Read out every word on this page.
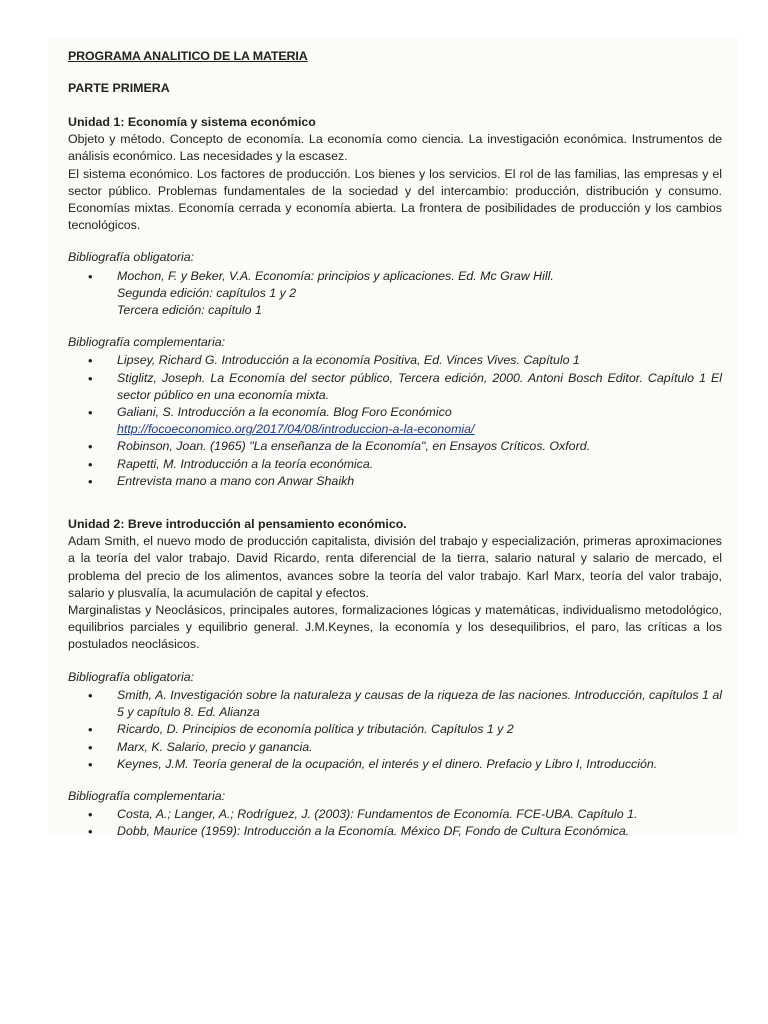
PROGRAMA ANALITICO DE LA MATERIA

PARTE PRIMERA

Unidad 1: Economía y sistema económico

Objeto y método. Concepto de economía. La economía como ciencia. La investigación económica. Instrumentos de análisis económico. Las necesidades y la escasez.

El sistema económico. Los factores de producción. Los bienes y los servicios. El rol de las familias, las empresas y el sector público. Problemas fundamentales de la sociedad y del intercambio: producción, distribución y consumo. Economías mixtas. Economía cerrada y economía abierta. La frontera de posibilidades de producción y los cambios tecnológicos.

Bibliografía obligatoria:

• Mochon, F. y Beker, V.A. Economía: principios y aplicaciones. Ed. Mc Graw Hill.
Segunda edición: capítulos 1 y 2
Tercera edición: capítulo 1

Bibliografía complementaria:

• Lipsey, Richard G. Introducción a la economía Positiva, Ed. Vinces Vives. Capítulo 1
• Stiglitz, Joseph. La Economía del sector público, Tercera edición, 2000. Antoni Bosch Editor. Capítulo 1 El sector público en una economía mixta.
• Galiani, S. Introducción a la economía. Blog Foro Económico
http://focoeconomico.org/2017/04/08/introduccion-a-la-economia/
• Robinson, Joan. (1965) "La enseñanza de la Economía", en Ensayos Críticos. Oxford.
• Rapetti, M. Introducción a la teoría económica.
• Entrevista mano a mano con Anwar Shaikh

Unidad 2: Breve introducción al pensamiento económico.

Adam Smith, el nuevo modo de producción capitalista, división del trabajo y especialización, primeras aproximaciones a la teoría del valor trabajo. David Ricardo, renta diferencial de la tierra, salario natural y salario de mercado, el problema del precio de los alimentos, avances sobre la teoría del valor trabajo. Karl Marx, teoría del valor trabajo, salario y plusvalía, la acumulación de capital y efectos.

Marginalistas y Neoclásicos, principales autores, formalizaciones lógicas y matemáticas, individualismo metodológico, equilibrios parciales y equilibrio general. J.M.Keynes, la economía y los desequilibrios, el paro, las críticas a los postulados neoclásicos.

Bibliografía obligatoria:

• Smith, A. Investigación sobre la naturaleza y causas de la riqueza de las naciones. Introducción, capítulos 1 al 5 y capítulo 8. Ed. Alianza
• Ricardo, D. Principios de economía política y tributación. Capítulos 1 y 2
• Marx, K. Salario, precio y ganancia.
• Keynes, J.M. Teoría general de la ocupación, el interés y el dinero. Prefacio y Libro I, Introducción.

Bibliografía complementaria:

• Costa, A.; Langer, A.; Rodríguez, J. (2003): Fundamentos de Economía. FCE-UBA. Capítulo 1.
• Dobb, Maurice (1959): Introducción a la Economía. México DF, Fondo de Cultura Económica.
